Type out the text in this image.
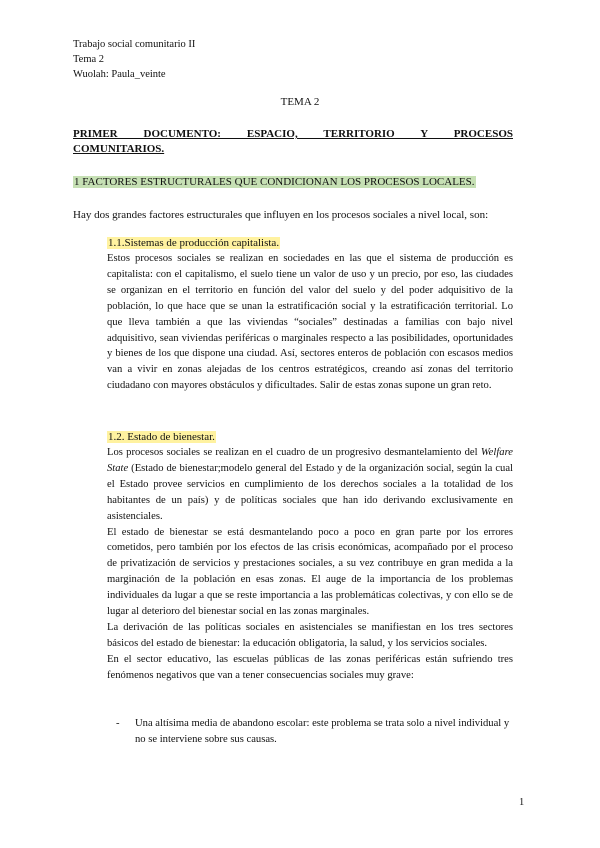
Trabajo social comunitario II
Tema 2
Wuolah: Paula_veinte
TEMA 2
PRIMER DOCUMENTO: ESPACIO, TERRITORIO Y PROCESOS
COMUNITARIOS.
1 FACTORES ESTRUCTURALES QUE CONDICIONAN LOS PROCESOS LOCALES.
Hay dos grandes factores estructurales que influyen en los procesos sociales a nivel local, son:
1.1.Sistemas de producción capitalista.

Estos procesos sociales se realizan en sociedades en las que el sistema de producción es capitalista: con el capitalismo, el suelo tiene un valor de uso y un precio, por eso, las ciudades se organizan en el territorio en función del valor del suelo y del poder adquisitivo de la población, lo que hace que se unan la estratificación social y la estratificación territorial. Lo que lleva también a que las viviendas “sociales” destinadas a familias con bajo nivel adquisitivo, sean viviendas periféricas o marginales respecto a las posibilidades, oportunidades y bienes de los que dispone una ciudad. Así, sectores enteros de población con escasos medios van a vivir en zonas alejadas de los centros estratégicos, creando así zonas del territorio ciudadano con mayores obstáculos y dificultades. Salir de estas zonas supone un gran reto.

1.2. Estado de bienestar.

Los procesos sociales se realizan en el cuadro de un progresivo desmantelamiento del Welfare State (Estado de bienestar;modelo general del Estado y de la organización social, según la cual el Estado provee servicios en cumplimiento de los derechos sociales a la totalidad de los habitantes de un país) y de políticas sociales que han ido derivando exclusivamente en asistenciales.

El estado de bienestar se está desmantelando poco a poco en gran parte por los errores cometidos, pero también por los efectos de las crisis económicas, acompañado por el proceso de privatización de servicios y prestaciones sociales, a su vez contribuye en gran medida a la marginación de la población en esas zonas. El auge de la importancia de los problemas individuales da lugar a que se reste importancia a las problemáticas colectivas, y con ello se de lugar al deterioro del bienestar social en las zonas marginales.

La derivación de las políticas sociales en asistenciales se manifiestan en los tres sectores básicos del estado de bienestar: la educación obligatoria, la salud, y los servicios sociales.

En el sector educativo, las escuelas públicas de las zonas periféricas están sufriendo tres fenómenos negativos que van a tener consecuencias sociales muy grave:

- Una altísima media de abandono escolar: este problema se trata solo a nivel individual y no se interviene sobre sus causas.
1
